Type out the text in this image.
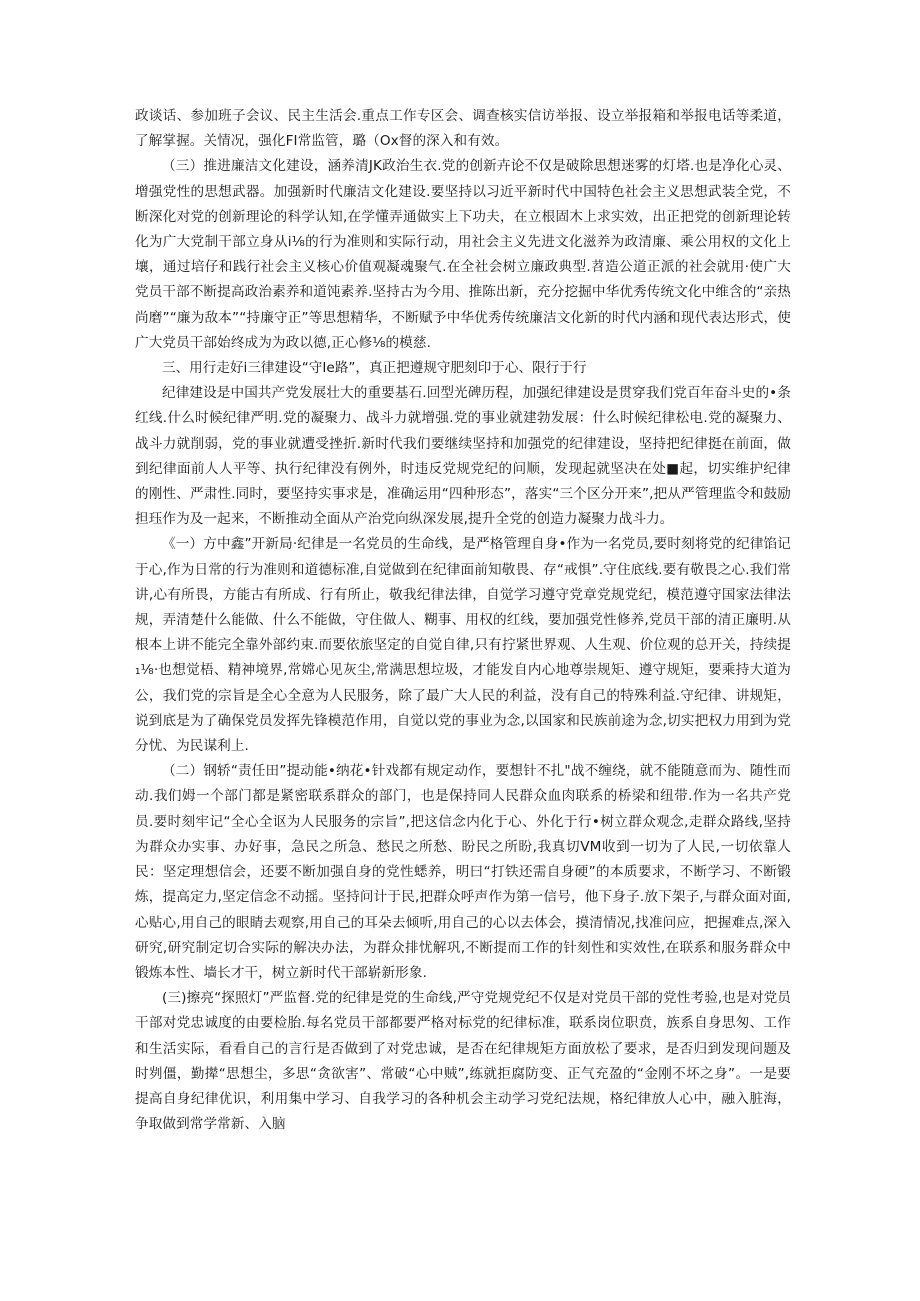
政谈话、参加班子会议、民主生活会.重点工作专区会、调查核实信访举报、设立举报箱和举报电话等柔道，了解掌握。关情况，强化FI常监管，璐（Ox督的深入和有效。

（三）推进廉洁文化建设，涵养清JK政治生衣.党的创新卉论不仅是破除思想迷雾的灯塔.也是净化心灵、增强党性的思想武器。加强新时代廉洁文化建设.要坚持以习近平新时代中国特色社会主义思想武装全党，不断深化对党的创新理论的科学认知,在学懂弄通做实上下功夫，在立根固木上求实效，出正把党的创新理论转化为广大党制干部立身从i⅛的行为准则和实际行动，用社会主义先进文化滋养为政清廉、乘公用权的文化上壤，通过培仔和践行社会主义核心价值观凝魂聚气.在全社会树立廉政典型.苕造公道正派的社会就用·使广大党员干部不断提高政治素养和道饨素养.坚持古为今用、推陈出新，充分挖掘中华优秀传统文化中维含的“亲热尚磨”“廉为敌本”“持廉守正”等思想精华，不断赋予中华优秀传统廉洁文化新的时代内涵和现代表达形式，使广大党员干部始终成为为政以德,正心修⅛的模慈.

三、用行走好i三律建设“守Ie路”，真正把遵规守肥刻印于心、限行于行

纪律建设是中国共产党发展壮大的重要基石.回型光碑历程，加强纪律建设是贯穿我们党百年奋斗史的•条红线.什么时候纪律严明.党的凝聚力、战斗力就增强.党的事业就建勃发展：什么时候纪律松电.党的凝聚力、战斗力就削弱，党的事业就遭受挫折.新时代我们要继续坚持和加强党的纪律建设，坚持把纪律挺在前面，做到纪律面前人人平等、执行纪律没有例外，时违反党规党纪的问顺，发现起就坚决在处■起，切实维护纪律的刚性、严肃性.同时，要坚持实事求是，准确运用“四种形态”，落实“三个区分开来”,把从严管理监令和鼓励担珏作为及一起来，不断推动全面从产治党向纵深发展,提升全党的创造力凝聚力战斗力。

《一）方中鑫”开新局·纪律是一名党员的生命线，是严格管理自身•作为一名党员,要时刻将党的纪律馅记于心,作为日常的行为准则和道德标准,自觉做到在纪律面前知敬畏、存“戒惧”.守住底线.要有敬畏之心.我们常讲,心有所畏，方能古有所成、行有所止，敬我纪律法律，自觉学习遵守党章党规党纪，模范遵守国家法律法规，弄清楚什么能做、什么不能做，守住做人、糊事、用权的红线，要加强党性修养,党员干部的清正廉明.从根本上讲不能完全靠外部约束.而要依旅坚定的自觉自律,只有拧紧世界观、人生观、价位观的总开关，持续提₁⅛·也想觉梧、精神境界,常嫦心见灰尘,常满思想垃圾，才能发自内心地尊崇规矩、遵守规矩，要乘持大道为公，我们党的宗旨是全心全意为人民服务，除了最广大人民的利益，没有自己的特殊利益.守纪律、讲规矩，说到底是为了确保党员发挥先锋模范作用，自觉以党的事业为念,以国家和民族前途为念,切实把权力用到为党分忧、为民谋利上.

（二）钢轿“责任田”提动能•纳花•针戏都有规定动作，要想针不扎"战不缠绕，就不能随意而为、随性而动.我们姆一个部门都是紧密联系群众的部门，也是保持同人民群众血肉联系的桥梁和纽带.作为一名共产党员.要时刻牢记“全心全讴为人民服务的宗旨”,把这信念内化于心、外化于行•树立群众观念,走群众路线,坚持为群众办实事、办好事，急民之所急、愁民之所愁、盼民之所盼,我真切VM收到一切为了人民,一切依靠人民：坚定理想信会，还要不断加强自身的党性蟋养，明曰“打铁还需自身硬”的本质要求，不断学习、不断锻炼，提高定力,坚定信念不动摇。坚持问计于民,把群众呼声作为第一信号，他下身子.放下架子,与群众面对面,心贴心,用自己的眼睛去观察,用自己的耳朵去倾听,用自己的心以去体会，摸清情况,找准问应，把握难点,深入研究,研究制定切合实际的解决办法，为群众排忧解巩,不断提而工作的针刻性和实效性,在联系和服务群众中锻炼本性、墙长才干，树立新时代干部崭新形象.

(三)擦亮“探照灯”严监督.党的纪律是党的生命线,严守党规党纪不仅是对党员干部的党性考验,也是对党员干部对党忠诚度的由要检胎.每名党员干部都要严格对标党的纪律标准，联系岗位职贲，族系自身思匆、工作和生活实际，看看自己的言行是否做到了对党忠诚，是否在纪律规矩方面放松了要求，是否归到发现问题及时刿僵，勤撵“思想尘，多思“贪欲害”、常破“心中贼”,练就拒腐防变、正气充盈的“金刚不坏之身”。一是要提高自身纪律优识，利用集中学习、自我学习的各种机会主动学习党纪法规，格纪律放人心中，融入脏海，争取做到常学常新、入脑
